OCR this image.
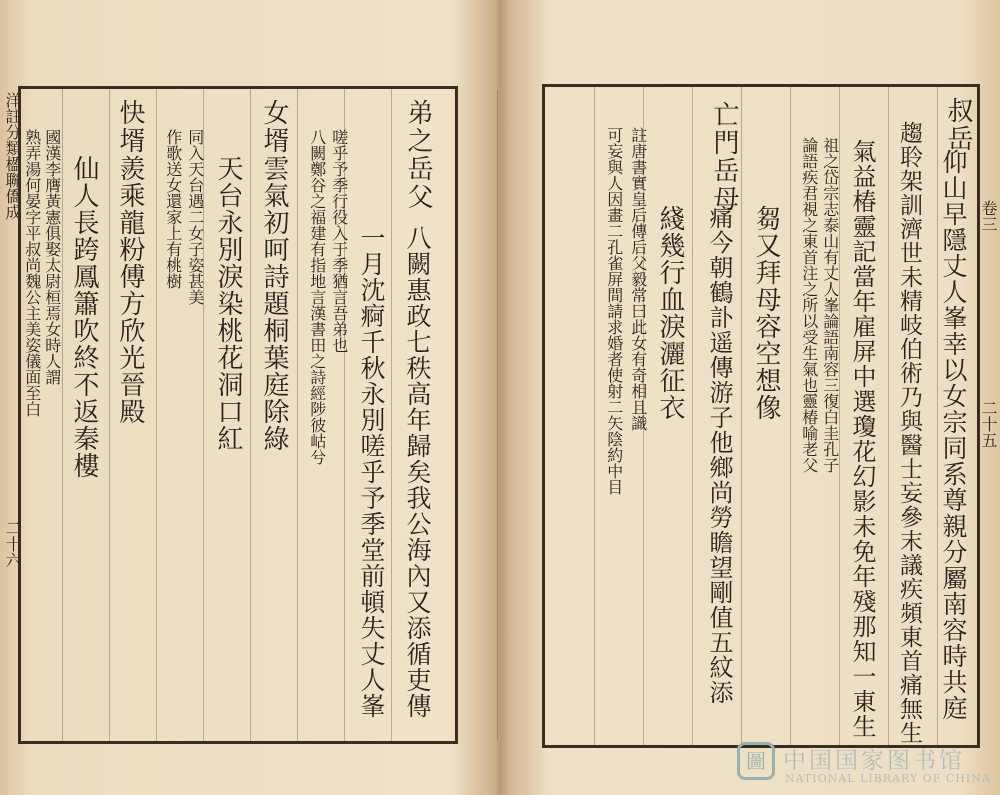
洋註分類楹聯僑成
二十六
弟之岳父
八闕惠政七秩高年歸矣我公海內又添循吏傳
一月沈痾千秋永別嗟乎予季堂前頓失丈人峯
嗟乎予季行役入于季猶言吾弟也
八闕鄭谷之福建有指地言漢書田之詩經陟彼岵兮
女壻
雲氣初呵詩題桐葉庭除綠
天台永別淚染桃花洞口紅
同入天台遇二女子姿甚美
作歌送女還家上有桃樹
快壻
羨乘龍粉傅方欣光晉殿
仙人長跨鳳簫吹終不返秦樓
國漢李膺黃憲俱娶太尉桓焉女時人謂
熟弄湯何晏字平叔尚魏公主美姿儀面至白	卷三
二十五
叔岳
仰山早隱丈人峯幸以女宗同系尊親分屬南容時共庭
趨聆架訓濟世未精岐伯術乃與醫士妄參末議疾頻東首痛無生
氣益椿靈記當年雇屏中選瓊花幻影未免年殘那知一東生
祖之岱宗志泰山有丈人峯論語南容三復白圭孔子
論語疾君視之東首注之所以受生氣也靈椿喻老父
亡門岳母
芻又拜母容空想像
痛今朝鶴訃遥傳游子他鄉尚勞瞻望剛值五紋添
綫幾行血淚灑征衣
註唐書實皇后傳后父毅常曰此女有奇相且識
可妄與人因畫二孔雀屏間請求婚者使射二矢陰約中目
圖 中国国家图书馆
NATIONAL LIBRARY OF CHINA
